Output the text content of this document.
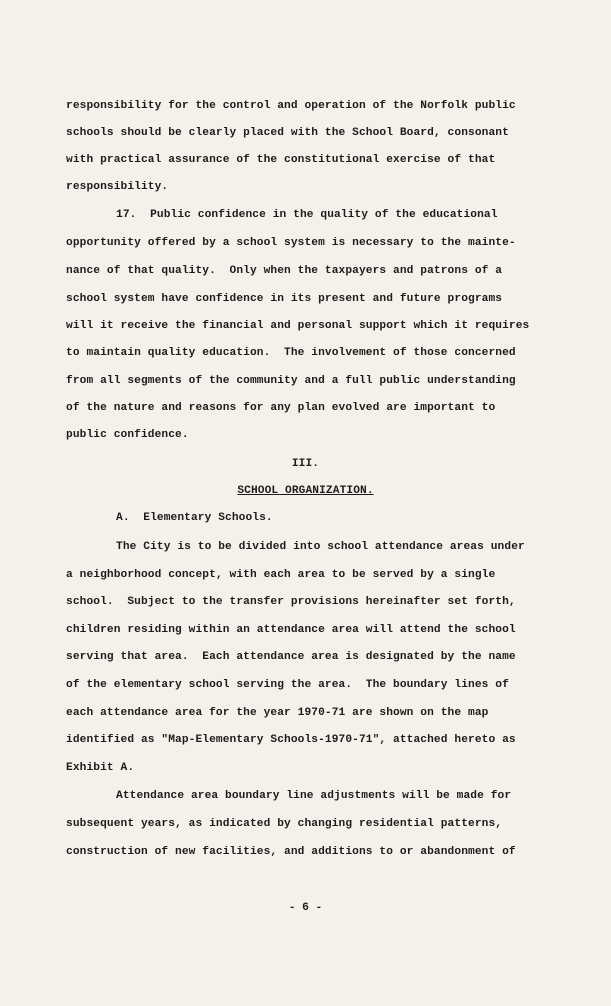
responsibility for the control and operation of the Norfolk public
schools should be clearly placed with the School Board, consonant
with practical assurance of the constitutional exercise of that
responsibility.
17.  Public confidence in the quality of the educational
opportunity offered by a school system is necessary to the mainte-
nance of that quality.  Only when the taxpayers and patrons of a
school system have confidence in its present and future programs
will it receive the financial and personal support which it requires
to maintain quality education.  The involvement of those concerned
from all segments of the community and a full public understanding
of the nature and reasons for any plan evolved are important to
public confidence.
III.
SCHOOL ORGANIZATION.
A.  Elementary Schools.
The City is to be divided into school attendance areas under
a neighborhood concept, with each area to be served by a single
school.  Subject to the transfer provisions hereinafter set forth,
children residing within an attendance area will attend the school
serving that area.  Each attendance area is designated by the name
of the elementary school serving the area.  The boundary lines of
each attendance area for the year 1970-71 are shown on the map
identified as "Map-Elementary Schools-1970-71", attached hereto as
Exhibit A.
Attendance area boundary line adjustments will be made for
subsequent years, as indicated by changing residential patterns,
construction of new facilities, and additions to or abandonment of
- 6 -
